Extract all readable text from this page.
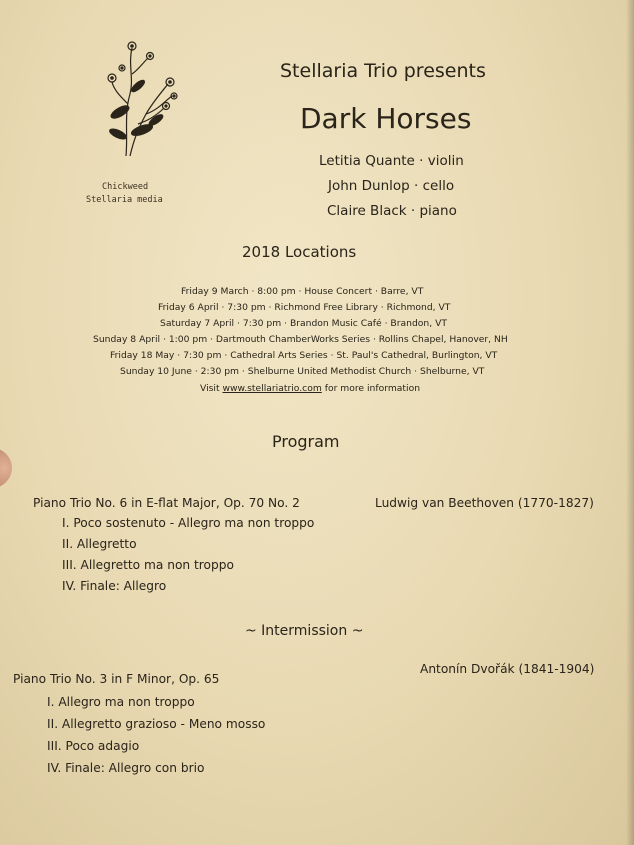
Chickweed
Stellaria media
Stellaria Trio presents
Dark Horses
Letitia Quante · violin
John Dunlop · cello
Claire Black · piano
2018 Locations
Friday 9 March · 8:00 pm · House Concert · Barre, VT
Friday 6 April · 7:30 pm · Richmond Free Library · Richmond, VT
Saturday 7 April · 7:30 pm · Brandon Music Café · Brandon, VT
Sunday 8 April · 1:00 pm · Dartmouth ChamberWorks Series · Rollins Chapel, Hanover, NH
Friday 18 May · 7:30 pm · Cathedral Arts Series · St. Paul's Cathedral, Burlington, VT
Sunday 10 June · 2:30 pm · Shelburne United Methodist Church · Shelburne, VT
Visit www.stellariatrio.com for more information
Program
Piano Trio No. 6 in E-flat Major, Op. 70 No. 2	Ludwig van Beethoven (1770-1827)
I. Poco sostenuto - Allegro ma non troppo
II. Allegretto
III. Allegretto ma non troppo
IV. Finale: Allegro
~ Intermission ~
Piano Trio No. 3 in F Minor, Op. 65
Antonín Dvořák (1841-1904)
I. Allegro ma non troppo
II. Allegretto grazioso - Meno mosso
III. Poco adagio
IV. Finale: Allegro con brio
